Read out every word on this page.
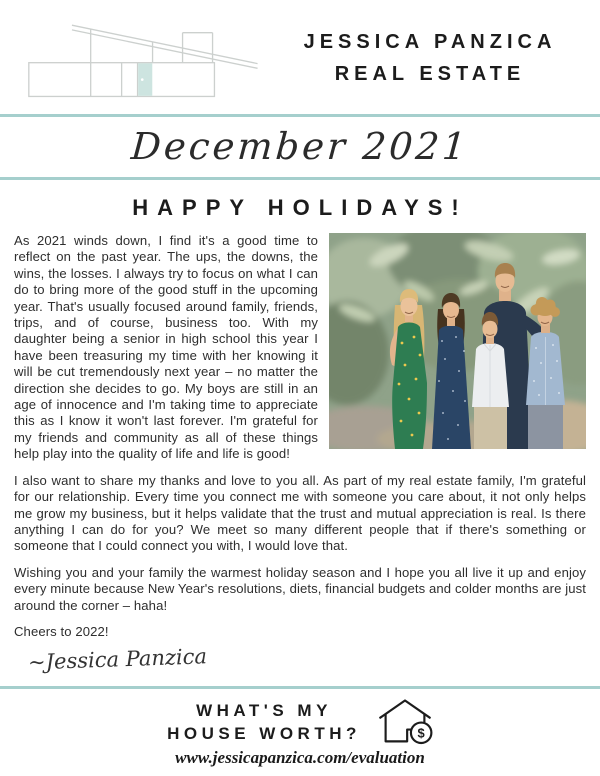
JESSICA PANZICA
REAL ESTATE
December 2021
HAPPY HOLIDAYS!

As 2021 winds down, I find it's a good time to reflect on the past year. The ups, the downs, the wins, the losses. I always try to focus on what I can do to bring more of the good stuff in the upcoming year. That's usually focused around family, friends, trips, and of course, business too. With my daughter being a senior in high school this year I have been treasuring my time with her knowing it will be cut tremendously next year – no matter the direction she decides to go. My boys are still in an age of innocence and I'm taking time to appreciate this as I know it won't last forever. I'm grateful for my friends and community as all of these things help play into the quality of life and life is good!

I also want to share my thanks and love to you all. As part of my real estate family, I'm grateful for our relationship. Every time you connect me with someone you care about, it not only helps me grow my business, but it helps validate that the trust and mutual appreciation is real. Is there anything I can do for you? We meet so many different people that if there's something or someone that I could connect you with, I would love that.

Wishing you and your family the warmest holiday season and I hope you all live it up and enjoy every minute because New Year's resolutions, diets, financial budgets and colder months are just around the corner – haha!

Cheers to 2022!

~Jessica Panzica
WHAT'S MY
HOUSE WORTH?	$
www.jessicapanzica.com/evaluation
